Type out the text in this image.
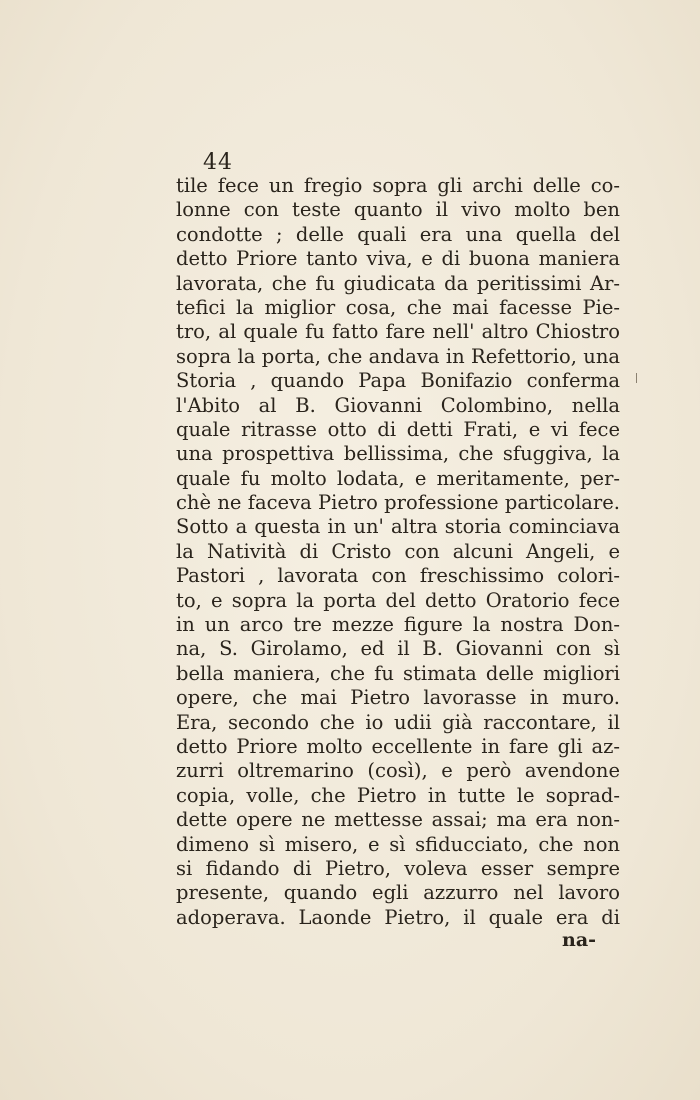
44
tile fece un fregio sopra gli archi delle co-
lonne con teste quanto il vivo molto ben
condotte ; delle quali era una quella del
detto Priore tanto viva, e di buona maniera
lavorata, che fu giudicata da peritissimi Ar-
tefici la miglior cosa, che mai facesse Pie-
tro, al quale fu fatto fare nell' altro Chiostro
sopra la porta, che andava in Refettorio, una
Storia , quando Papa Bonifazio conferma
l'Abito al B. Giovanni Colombino, nella
quale ritrasse otto di detti Frati, e vi fece
una prospettiva bellissima, che sfuggiva, la
quale fu molto lodata, e meritamente, per-
chè ne faceva Pietro professione particolare.
Sotto a questa in un' altra storia cominciava
la Natività di Cristo con alcuni Angeli, e
Pastori , lavorata con freschissimo colori-
to, e sopra la porta del detto Oratorio fece
in un arco tre mezze figure la nostra Don-
na, S. Girolamo, ed il B. Giovanni con sì
bella maniera, che fu stimata delle migliori
opere, che mai Pietro lavorasse in muro.
Era, secondo che io udii già raccontare, il
detto Priore molto eccellente in fare gli az-
zurri oltremarino (così), e però avendone
copia, volle, che Pietro in tutte le soprad-
dette opere ne mettesse assai; ma era non-
dimeno sì misero, e sì sfiducciato, che non
si fidando di Pietro, voleva esser sempre
presente, quando egli azzurro nel lavoro
adoperava. Laonde Pietro, il quale era di
na-
